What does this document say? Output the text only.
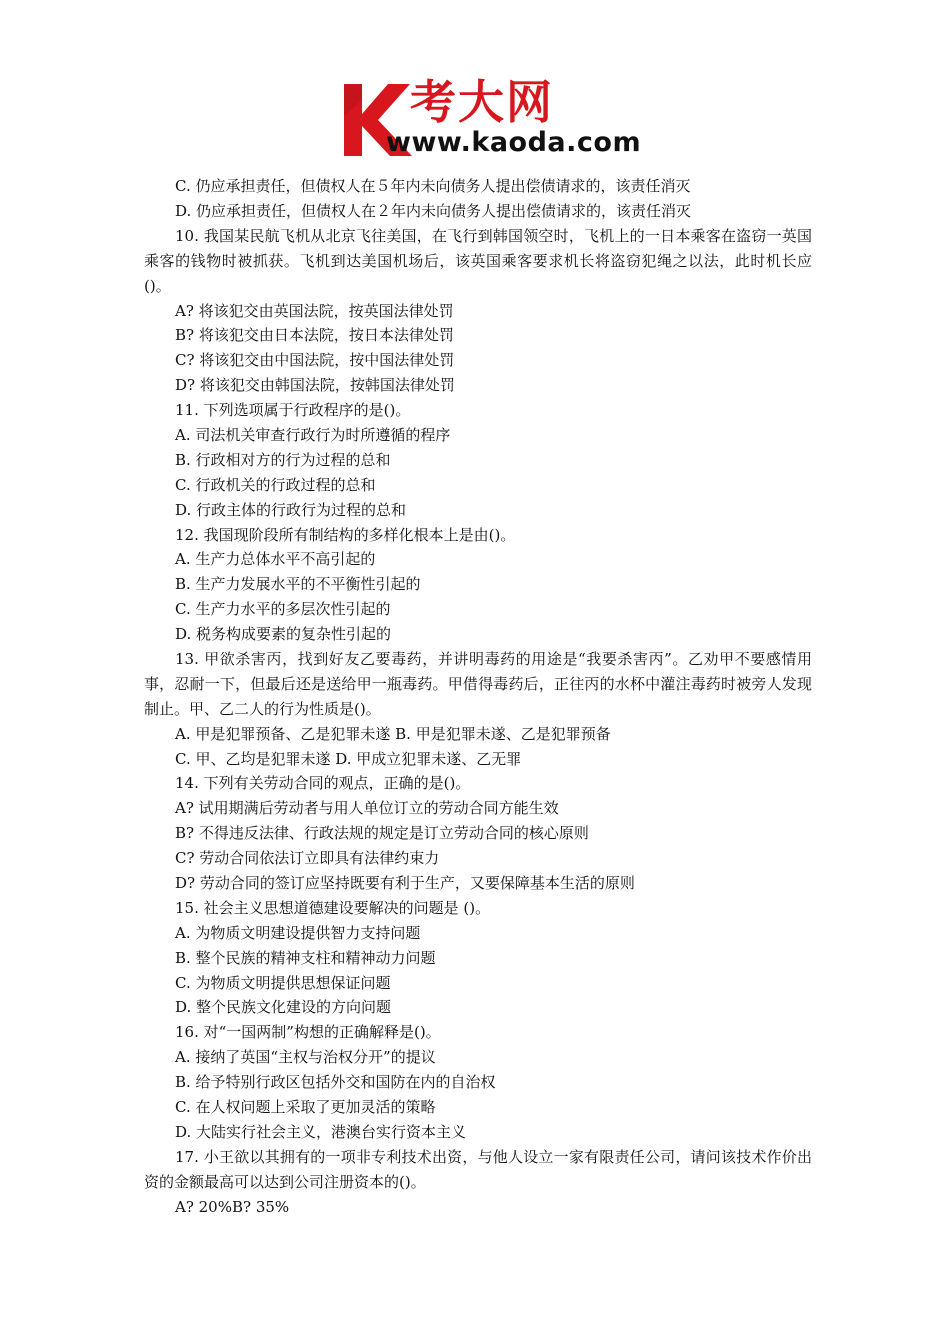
考大网
www.kaoda.com
C. 仍应承担责任，但债权人在５年内未向债务人提出偿债请求的，该责任消灭
D. 仍应承担责任，但债权人在２年内未向债务人提出偿债请求的，该责任消灭
10. 我国某民航飞机从北京飞往美国，在飞行到韩国领空时，飞机上的一日本乘客在盗窃一英国乘客的钱物时被抓获。飞机到达美国机场后，该英国乘客要求机长将盗窃犯绳之以法，此时机长应()。
A? 将该犯交由英国法院，按英国法律处罚
B? 将该犯交由日本法院，按日本法律处罚
C? 将该犯交由中国法院，按中国法律处罚
D? 将该犯交由韩国法院，按韩国法律处罚
11. 下列选项属于行政程序的是()。
A. 司法机关审查行政行为时所遵循的程序
B. 行政相对方的行为过程的总和
C. 行政机关的行政过程的总和
D. 行政主体的行政行为过程的总和
12. 我国现阶段所有制结构的多样化根本上是由()。
A. 生产力总体水平不高引起的
B. 生产力发展水平的不平衡性引起的
C. 生产力水平的多层次性引起的
D. 税务构成要素的复杂性引起的
13. 甲欲杀害丙，找到好友乙要毒药，并讲明毒药的用途是“我要杀害丙”。乙劝甲不要感情用事，忍耐一下，但最后还是送给甲一瓶毒药。甲借得毒药后，正往丙的水杯中灌注毒药时被旁人发现制止。甲、乙二人的行为性质是()。
A. 甲是犯罪预备、乙是犯罪未遂 B. 甲是犯罪未遂、乙是犯罪预备
C. 甲、乙均是犯罪未遂 D. 甲成立犯罪未遂、乙无罪
14. 下列有关劳动合同的观点，正确的是()。
A? 试用期满后劳动者与用人单位订立的劳动合同方能生效
B? 不得违反法律、行政法规的规定是订立劳动合同的核心原则
C? 劳动合同依法订立即具有法律约束力
D? 劳动合同的签订应坚持既要有利于生产，又要保障基本生活的原则
15. 社会主义思想道德建设要解决的问题是 ()。
A. 为物质文明建设提供智力支持问题
B. 整个民族的精神支柱和精神动力问题
C. 为物质文明提供思想保证问题
D. 整个民族文化建设的方向问题
16. 对“一国两制”构想的正确解释是()。
A. 接纳了英国“主权与治权分开”的提议
B. 给予特别行政区包括外交和国防在内的自治权
C. 在人权问题上采取了更加灵活的策略
D. 大陆实行社会主义，港澳台实行资本主义
17. 小王欲以其拥有的一项非专利技术出资，与他人设立一家有限责任公司，请问该技术作价出资的金额最高可以达到公司注册资本的()。
A? 20%B? 35%
